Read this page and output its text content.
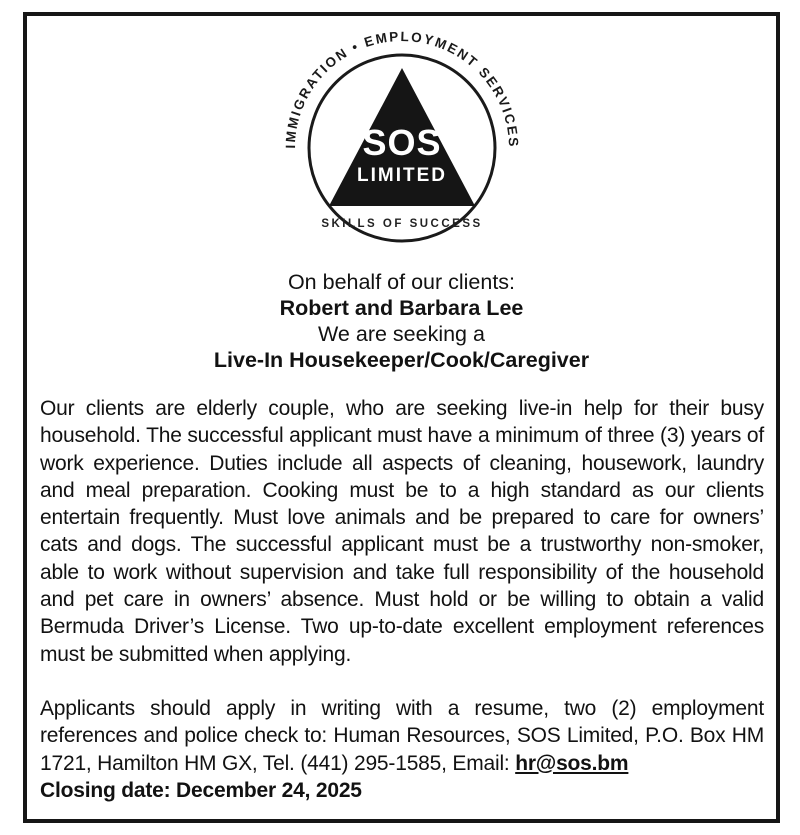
SOS
LIMITED
SKILLS OF SUCCESS
IMMIGRATION • EMPLOYMENT SERVICES
On behalf of our clients:
Robert and Barbara Lee
We are seeking a
Live-In Housekeeper/Cook/Caregiver

Our clients are elderly couple, who are seeking live-in help for their busy household. The successful applicant must have a minimum of three (3) years of work experience. Duties include all aspects of cleaning, housework, laundry and meal preparation. Cooking must be to a high standard as our clients entertain frequently. Must love animals and be prepared to care for owners’ cats and dogs. The successful applicant must be a trustworthy non-smoker, able to work without supervision and take full responsibility of the household and pet care in owners’ absence. Must hold or be willing to obtain a valid Bermuda Driver’s License. Two up-to-date excellent employment references must be submitted when applying.

Applicants should apply in writing with a resume, two (2) employment references and police check to: Human Resources, SOS Limited, P.O. Box HM 1721, Hamilton HM GX, Tel. (441) 295-1585, Email: hr@sos.bm
Closing date: December 24, 2025
